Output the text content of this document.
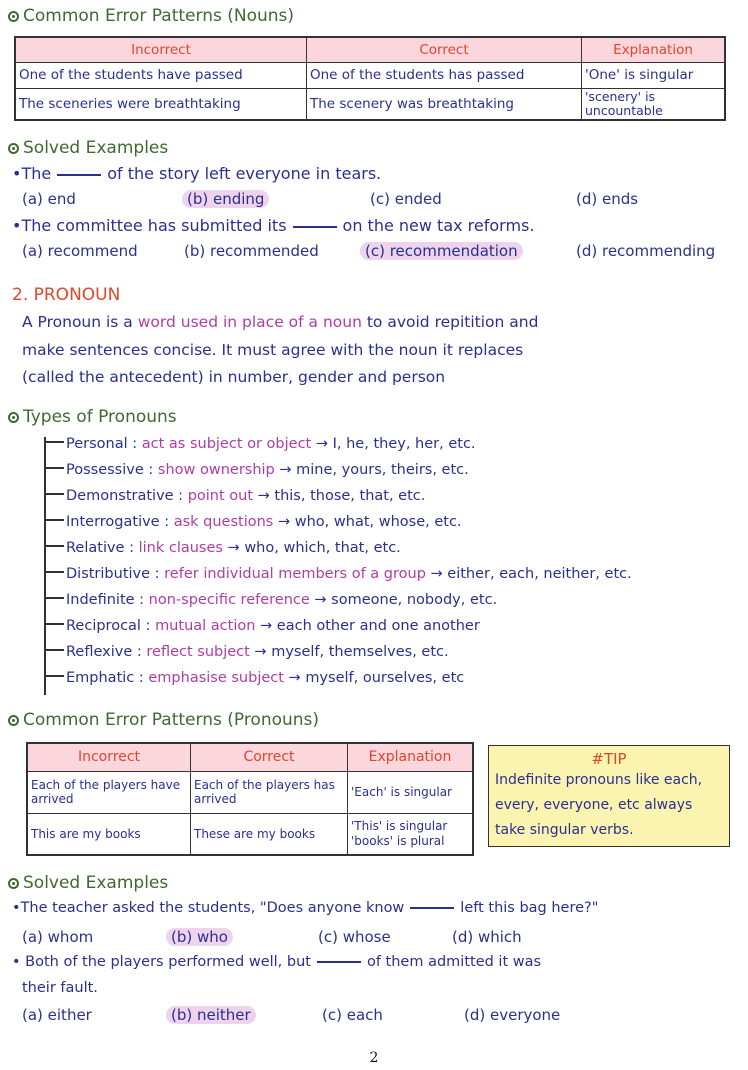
Common Error Patterns (Nouns)
Incorrect	Correct	Explanation
One of the students have passed	One of the students has passed	'One' is singular
The sceneries were breathtaking	The scenery was breathtaking	'scenery' is uncountable
Solved Examples
•The	of the story left everyone in tears.
(a) end	(b) ending	(c) ended	(d) ends
•The committee has submitted its	on the new tax reforms.
(a) recommend	(b) recommended	(c) recommendation	(d) recommending
2. PRONOUN
A Pronoun is a word used in place of a noun to avoid repitition and
make sentences concise. It must agree with the noun it replaces
(called the antecedent) in number, gender and person
Types of Pronouns
Personal : act as subject or object → I, he, they, her, etc.
Possessive : show ownership → mine, yours, theirs, etc.
Demonstrative : point out → this, those, that, etc.
Interrogative : ask questions → who, what, whose, etc.
Relative : link clauses → who, which, that, etc.
Distributive : refer individual members of a group → either, each, neither, etc.
Indefinite : non-specific reference → someone, nobody, etc.
Reciprocal : mutual action → each other and one another
Reflexive : reflect subject → myself, themselves, etc.
Emphatic : emphasise subject → myself, ourselves, etc
Common Error Patterns (Pronouns)
Incorrect	Correct	Explanation
Each of the players have arrived	Each of the players has arrived	'Each' is singular
This are my books	These are my books	'This' is singular 'books' is plural
#TIP
Indefinite pronouns like each, every, everyone, etc always take singular verbs.
Solved Examples
•The teacher asked the students, "Does anyone know	left this bag here?"
(a) whom	(b) who	(c) whose	(d) which
• Both of the players performed well, but	of them admitted it was
their fault.
(a) either	(b) neither	(c) each	(d) everyone
2
